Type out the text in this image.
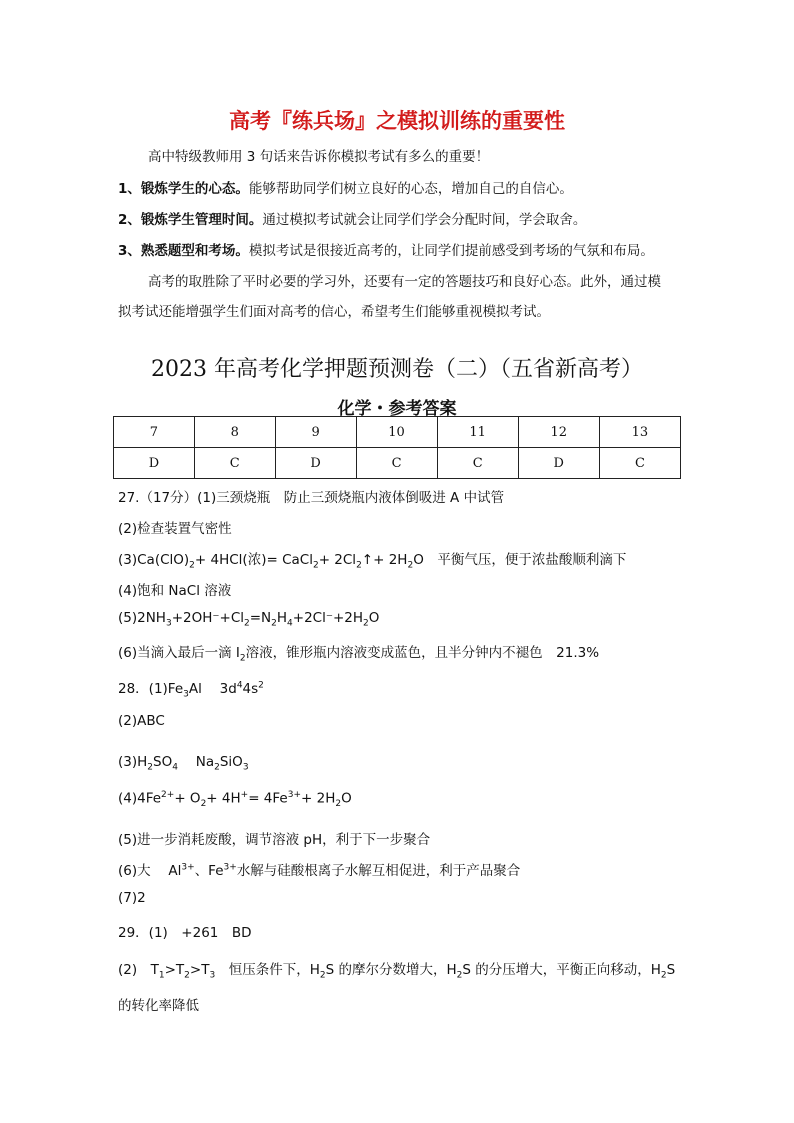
高考『练兵场』之模拟训练的重要性
高中特级教师用 3 句话来告诉你模拟考试有多么的重要！
1、锻炼学生的心态。能够帮助同学们树立良好的心态，增加自己的自信心。
2、锻炼学生管理时间。通过模拟考试就会让同学们学会分配时间，学会取舍。
3、熟悉题型和考场。模拟考试是很接近高考的，让同学们提前感受到考场的气氛和布局。
高考的取胜除了平时必要的学习外，还要有一定的答题技巧和良好心态。此外，通过模
拟考试还能增强学生们面对高考的信心，希望考生们能够重视模拟考试。
2023 年高考化学押题预测卷（二）（五省新高考）
化学・参考答案
7	8	9	10	11	12	13
D	C	D	C	C	D	C
27.（17分）(1)三颈烧瓶　防止三颈烧瓶内液体倒吸进 A 中试管
(2)检查装置气密性
$(3)Ca(ClO)_2+ 4HCl$(浓)= CaCl$_2$+ $2Cl_2↑+ 2H_2O$　平衡气压，便于浓盐酸顺利滴下
(4)饱和 NaCl 溶液
$(5)2NH_3+2OH^-+Cl_2=N_2H_4+2Cl^-+2H_2O$
(6)当滴入最后一滴 $I_2$溶液，锥形瓶内溶液变成蓝色，且半分钟内不褪色　21.3%
28．$(1)Fe_3Al$　 $3d^44s^2$
(2)ABC
$(3)H_2SO_4$　 $Na_2SiO_3$
$(4)4Fe^{2+}+ O_2+ 4H^+= 4Fe^{3+}+ 2H_2O$
(5)进一步消耗废酸，调节溶液 pH，利于下一步聚合
(6)大　 $Al^{3+}$、$Fe^{3+}$水解与硅酸根离子水解互相促进，利于产品聚合
(7)2
29．(1)　+261　BD
(2)　$T_1>T_2>T_3$　恒压条件下，$H_2S$ 的摩尔分数增大，$H_2S$ 的分压增大，平衡正向移动，$H_2S$
的转化率降低
